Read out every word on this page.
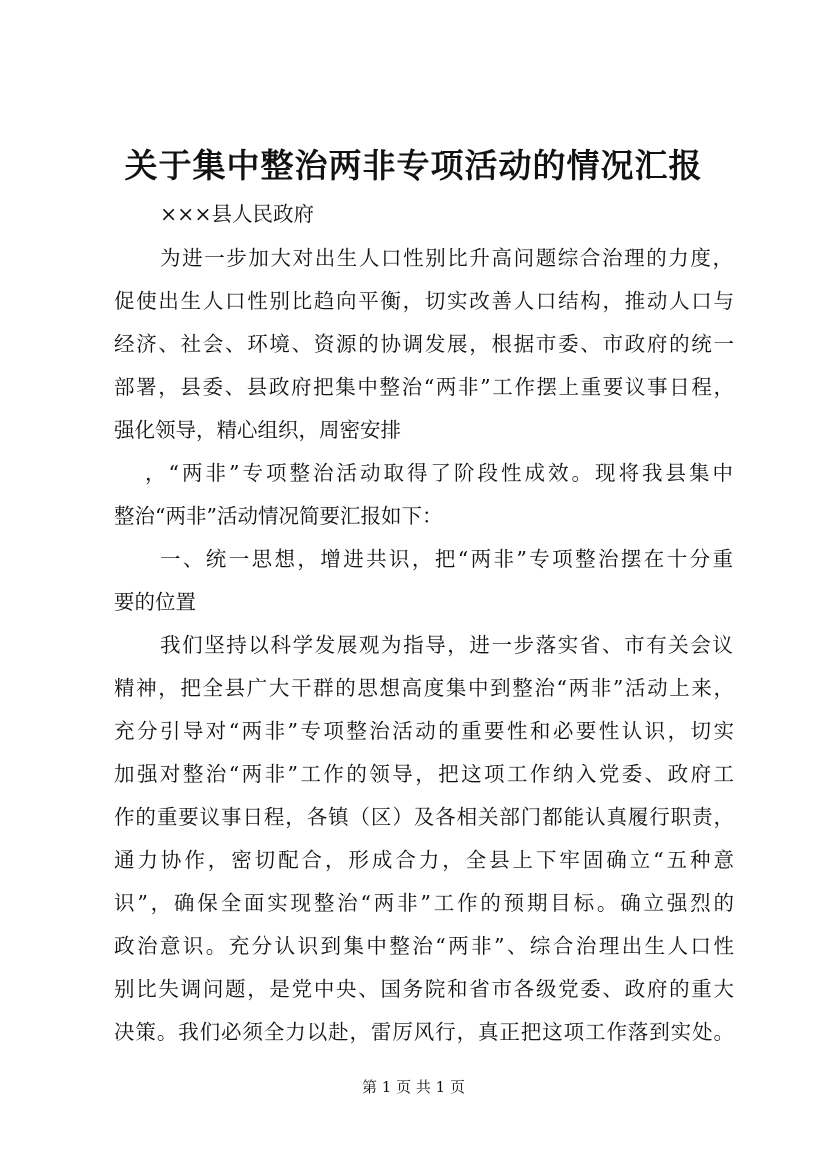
关于集中整治两非专项活动的情况汇报
×××县人民政府
为进一步加大对出生人口性别比升高问题综合治理的力度，
促使出生人口性别比趋向平衡，切实改善人口结构，推动人口与
经济、社会、环境、资源的协调发展，根据市委、市政府的统一
部署，县委、县政府把集中整治“两非”工作摆上重要议事日程，
强化领导，精心组织，周密安排
，“两非”专项整治活动取得了阶段性成效。现将我县集中
整治“两非”活动情况简要汇报如下：
一、统一思想，增进共识，把“两非”专项整治摆在十分重
要的位置
我们坚持以科学发展观为指导，进一步落实省、市有关会议
精神，把全县广大干群的思想高度集中到整治“两非”活动上来，
充分引导对“两非”专项整治活动的重要性和必要性认识，切实
加强对整治“两非”工作的领导，把这项工作纳入党委、政府工
作的重要议事日程，各镇（区）及各相关部门都能认真履行职责，
通力协作，密切配合，形成合力，全县上下牢固确立“五种意
识”，确保全面实现整治“两非”工作的预期目标。确立强烈的
政治意识。充分认识到集中整治“两非”、综合治理出生人口性
别比失调问题，是党中央、国务院和省市各级党委、政府的重大
决策。我们必须全力以赴，雷厉风行，真正把这项工作落到实处。
第 1 页 共 1 页
